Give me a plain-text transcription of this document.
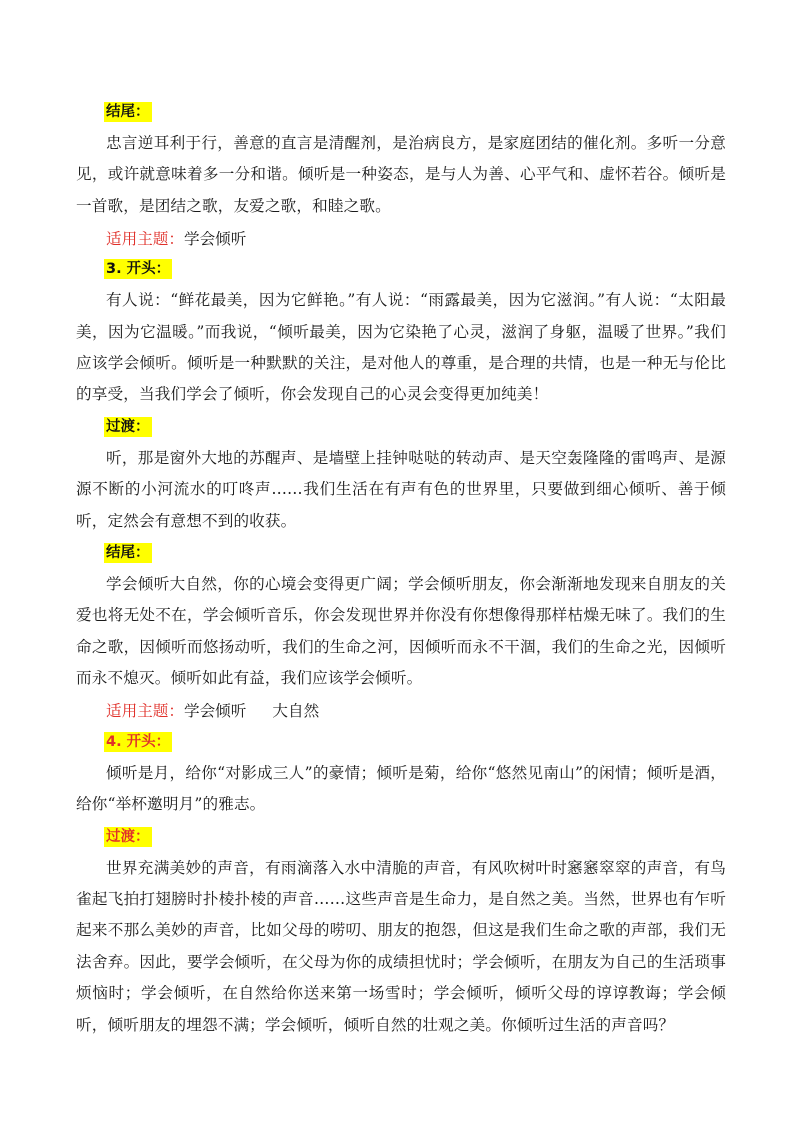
结尾：

忠言逆耳利于行，善意的直言是清醒剂，是治病良方，是家庭团结的催化剂。多听一分意见，或许就意味着多一分和谐。倾听是一种姿态，是与人为善、心平气和、虚怀若谷。倾听是一首歌，是团结之歌，友爱之歌，和睦之歌。

适用主题： 学会倾听
3. 开头：

有人说：“鲜花最美，因为它鲜艳。”有人说：“雨露最美，因为它滋润。”有人说：“太阳最美，因为它温暖。”而我说，“倾听最美，因为它染艳了心灵，滋润了身躯，温暖了世界。”我们应该学会倾听。倾听是一种默默的关注，是对他人的尊重，是合理的共情，也是一种无与伦比的享受，当我们学会了倾听，你会发现自己的心灵会变得更加纯美！

过渡：

听，那是窗外大地的苏醒声、是墙壁上挂钟哒哒的转动声、是天空轰隆隆的雷鸣声、是源源不断的小河流水的叮咚声……我们生活在有声有色的世界里，只要做到细心倾听、善于倾听，定然会有意想不到的收获。

结尾：

学会倾听大自然，你的心境会变得更广阔；学会倾听朋友，你会渐渐地发现来自朋友的关爱也将无处不在，学会倾听音乐，你会发现世界并你没有你想像得那样枯燥无味了。我们的生命之歌，因倾听而悠扬动听，我们的生命之河，因倾听而永不干涸，我们的生命之光，因倾听而永不熄灭。倾听如此有益，我们应该学会倾听。

适用主题： 学会倾听 大自然
4. 开头：

倾听是月，给你“对影成三人”的豪情；倾听是菊，给你“悠然见南山”的闲情；倾听是酒，给你“举杯邀明月”的雅志。

过渡：

世界充满美妙的声音，有雨滴落入水中清脆的声音，有风吹树叶时窸窸窣窣的声音，有鸟雀起飞拍打翅膀时扑棱扑棱的声音……这些声音是生命力，是自然之美。当然，世界也有乍听起来不那么美妙的声音，比如父母的唠叨、朋友的抱怨，但这是我们生命之歌的声部，我们无法舍弃。因此，要学会倾听，在父母为你的成绩担忧时；学会倾听，在朋友为自己的生活琐事烦恼时；学会倾听，在自然给你送来第一场雪时；学会倾听，倾听父母的谆谆教诲；学会倾听，倾听朋友的埋怨不满；学会倾听，倾听自然的壮观之美。你倾听过生活的声音吗？
